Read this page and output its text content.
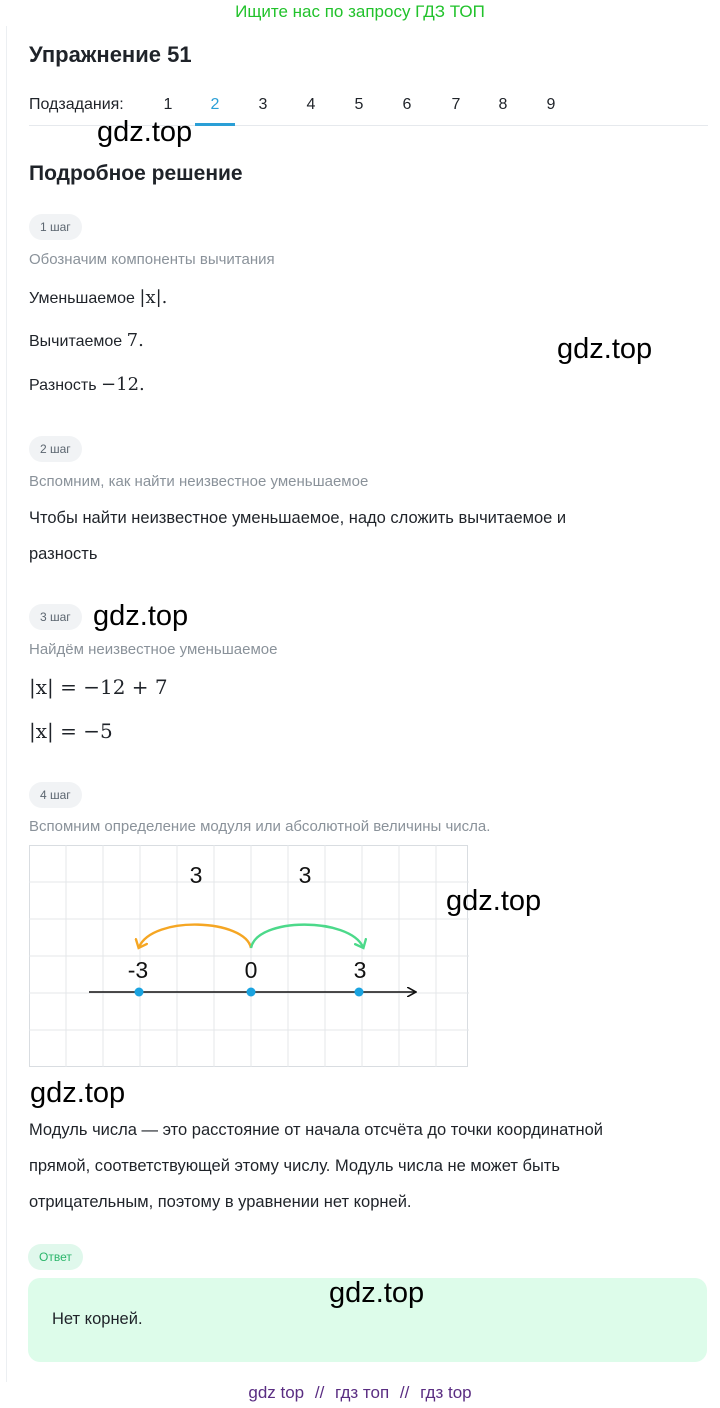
Ищите нас по запросу ГДЗ ТОП
Упражнение 51
Подзадания:	1	2	3	4	5	6	7	8	9
gdz.top
Подробное решение
1 шаг
Обозначим компоненты вычитания
Уменьшаемое |x|.
Вычитаемое 7.
Разность −12.
gdz.top
2 шаг
Вспомним, как найти неизвестное уменьшаемое
Чтобы найти неизвестное уменьшаемое, надо сложить вычитаемое и
разность
3 шаг gdz.top
Найдём неизвестное уменьшаемое
|x| = −12 + 7
|x| = −5
4 шаг
Вспомним определение модуля или абсолютной величины числа.
3	3
-3	0	3
gdz.top
gdz.top
Модуль числа — это расстояние от начала отсчёта до точки координатной
прямой, соответствующей этому числу. Модуль числа не может быть
отрицательным, поэтому в уравнении нет корней.
Ответ
Нет корней.
gdz.top
gdz top // гдз топ // гдз top
